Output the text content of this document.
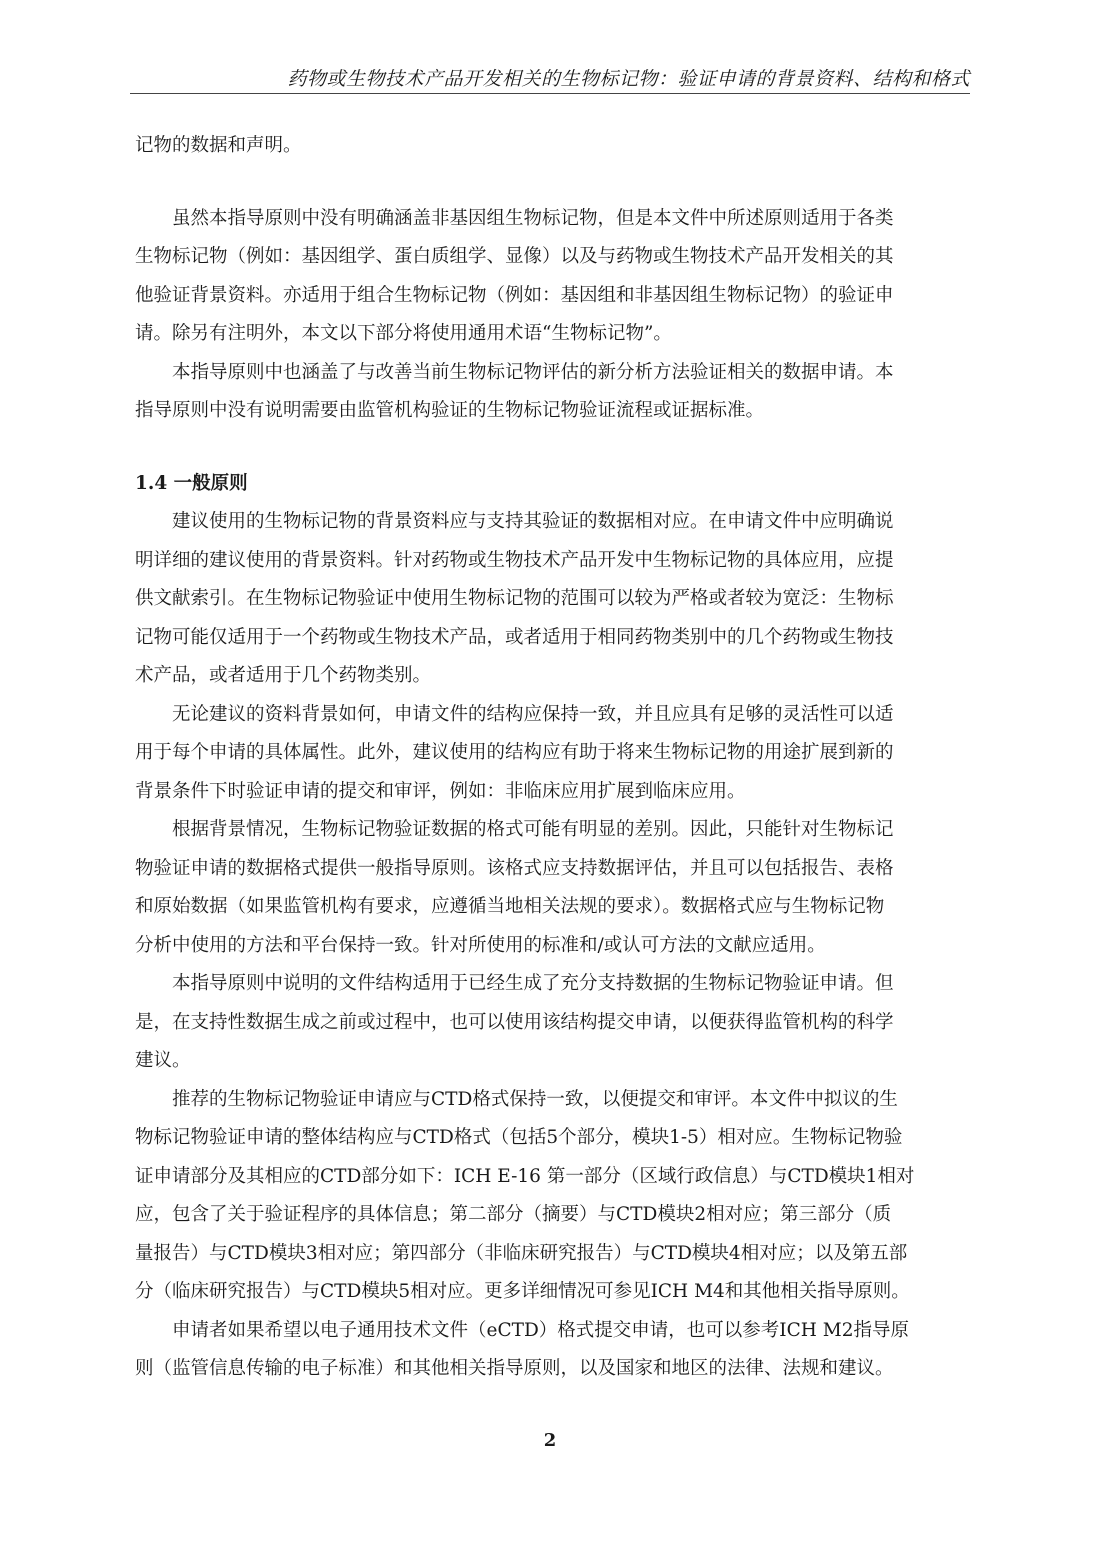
药物或生物技术产品开发相关的生物标记物：验证申请的背景资料、结构和格式
记物的数据和声明。
虽然本指导原则中没有明确涵盖非基因组生物标记物，但是本文件中所述原则适用于各类
生物标记物（例如：基因组学、蛋白质组学、显像）以及与药物或生物技术产品开发相关的其
他验证背景资料。亦适用于组合生物标记物（例如：基因组和非基因组生物标记物）的验证申
请。除另有注明外，本文以下部分将使用通用术语“生物标记物”。
本指导原则中也涵盖了与改善当前生物标记物评估的新分析方法验证相关的数据申请。本
指导原则中没有说明需要由监管机构验证的生物标记物验证流程或证据标准。
1.4 一般原则
建议使用的生物标记物的背景资料应与支持其验证的数据相对应。在申请文件中应明确说
明详细的建议使用的背景资料。针对药物或生物技术产品开发中生物标记物的具体应用，应提
供文献索引。在生物标记物验证中使用生物标记物的范围可以较为严格或者较为宽泛：生物标
记物可能仅适用于一个药物或生物技术产品，或者适用于相同药物类别中的几个药物或生物技
术产品，或者适用于几个药物类别。
无论建议的资料背景如何，申请文件的结构应保持一致，并且应具有足够的灵活性可以适
用于每个申请的具体属性。此外，建议使用的结构应有助于将来生物标记物的用途扩展到新的
背景条件下时验证申请的提交和审评，例如：非临床应用扩展到临床应用。
根据背景情况，生物标记物验证数据的格式可能有明显的差别。因此，只能针对生物标记
物验证申请的数据格式提供一般指导原则。该格式应支持数据评估，并且可以包括报告、表格
和原始数据（如果监管机构有要求，应遵循当地相关法规的要求）。数据格式应与生物标记物
分析中使用的方法和平台保持一致。针对所使用的标准和/或认可方法的文献应适用。
本指导原则中说明的文件结构适用于已经生成了充分支持数据的生物标记物验证申请。但
是，在支持性数据生成之前或过程中，也可以使用该结构提交申请，以便获得监管机构的科学
建议。
推荐的生物标记物验证申请应与CTD格式保持一致，以便提交和审评。本文件中拟议的生
物标记物验证申请的整体结构应与CTD格式（包括5个部分，模块1-5）相对应。生物标记物验
证申请部分及其相应的CTD部分如下：ICH E-16 第一部分（区域行政信息）与CTD模块1相对
应，包含了关于验证程序的具体信息；第二部分（摘要）与CTD模块2相对应；第三部分（质
量报告）与CTD模块3相对应；第四部分（非临床研究报告）与CTD模块4相对应；以及第五部
分（临床研究报告）与CTD模块5相对应。更多详细情况可参见ICH M4和其他相关指导原则。
申请者如果希望以电子通用技术文件（eCTD）格式提交申请，也可以参考ICH M2指导原
则（监管信息传输的电子标准）和其他相关指导原则，以及国家和地区的法律、法规和建议。
2
